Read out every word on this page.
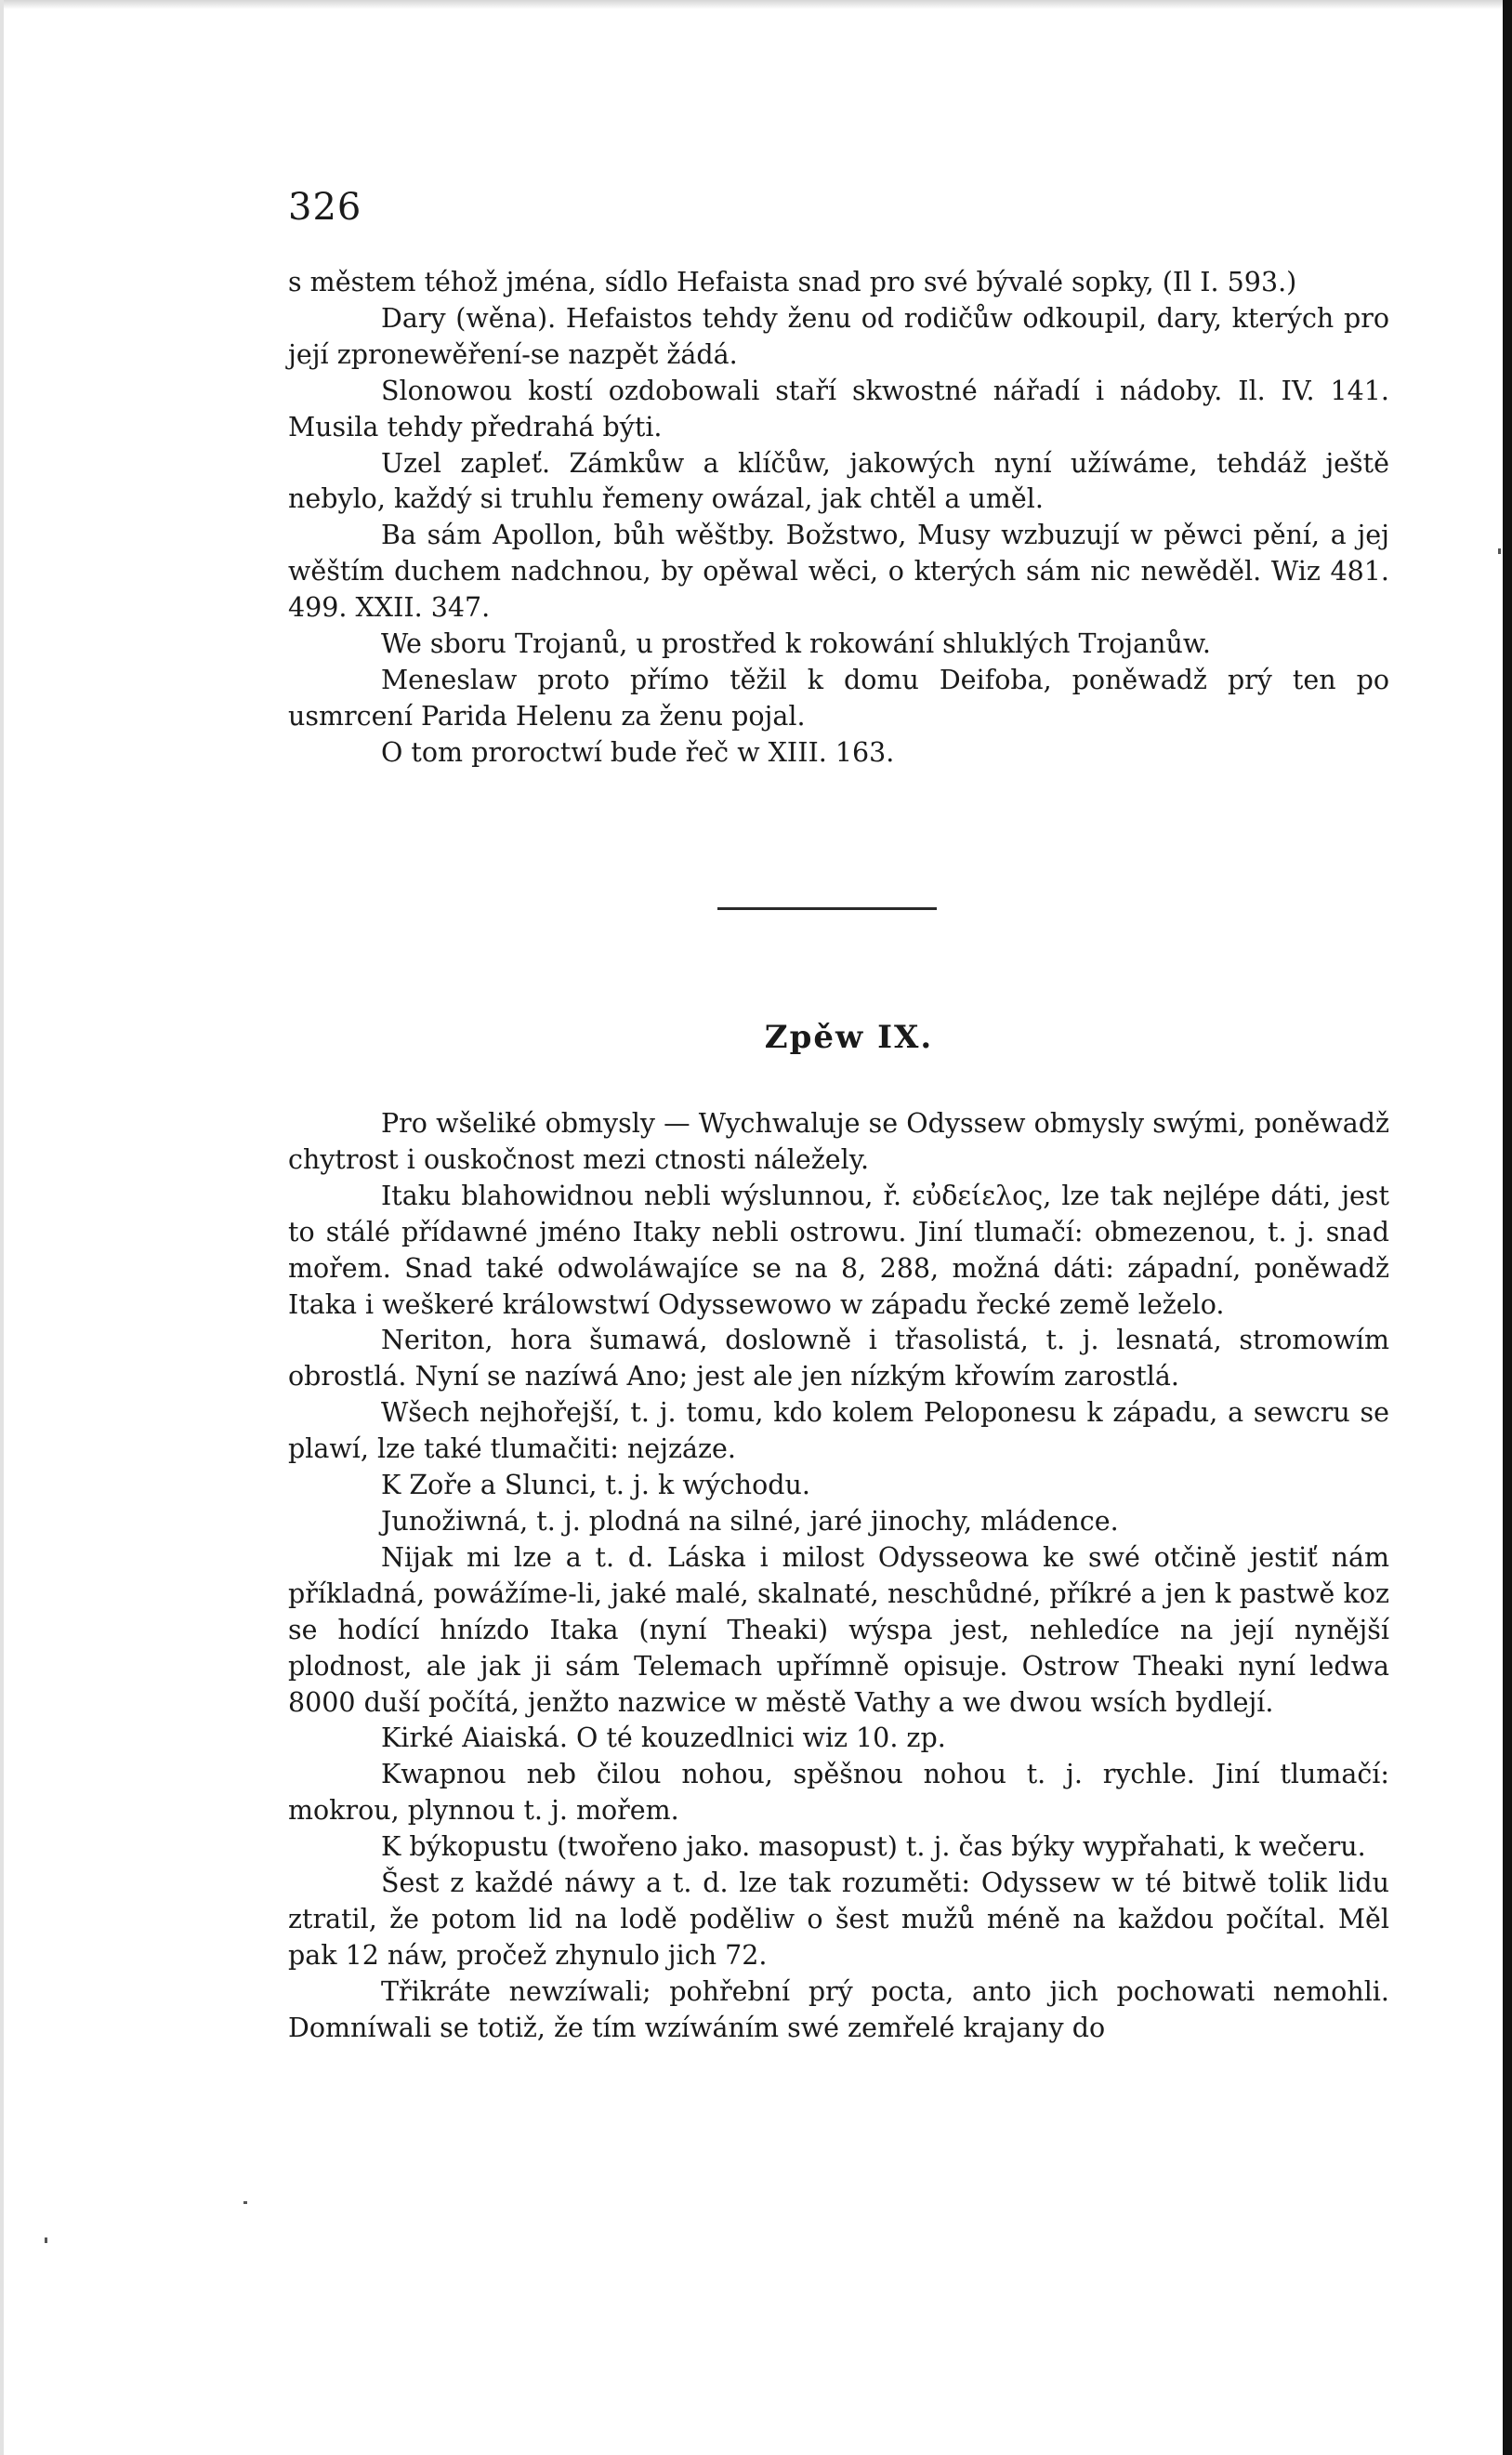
326

s městem téhož jména, sídlo Hefaista snad pro své bývalé sopky, (Il I. 593.)

Dary (wěna). Hefaistos tehdy ženu od rodičůw odkoupil, dary, kterých pro její zpronewěření-se nazpět žádá.

Slonowou kostí ozdobowali staří skwostné nářadí i nádoby. Il. IV. 141. Musila tehdy předrahá býti.

Uzel zapleť. Zámkůw a klíčůw, jakowých nyní užíwáme, tehdáž ještě nebylo, každý si truhlu řemeny owázal, jak chtěl a uměl.

Ba sám Apollon, bůh wěštby. Božstwo, Musy wzbuzují w pěwci pění, a jej wěštím duchem nadchnou, by opěwal wěci, o kterých sám nic newěděl. Wiz 481. 499. XXII. 347.

We sboru Trojanů, u prostřed k rokowání shluklých Trojanůw.

Meneslaw proto přímo těžil k domu Deifoba, poněwadž prý ten po usmrcení Parida Helenu za ženu pojal.

O tom proroctwí bude řeč w XIII. 163.

Zpěw IX.

Pro wšeliké obmysly — Wychwaluje se Odyssew obmysly swými, poněwadž chytrost i ouskočnost mezi ctnosti náležely.

Itaku blahowidnou nebli wýslunnou, ř. εὐδείελος, lze tak nejlépe dáti, jest to stálé přídawné jméno Itaky nebli ostrowu. Jiní tlumačí: obmezenou, t. j. snad mořem. Snad také odwoláwajíce se na 8, 288, možná dáti: západní, poněwadž Itaka i weškeré králowstwí Odyssewowo w západu řecké země leželo.

Neriton, hora šumawá, doslowně i třasolistá, t. j. lesnatá, stromowím obrostlá. Nyní se nazíwá Ano; jest ale jen nízkým křowím zarostlá.

Wšech nejhořejší, t. j. tomu, kdo kolem Peloponesu k západu, a sewcru se plawí, lze také tlumačiti: nejzáze.

K Zoře a Slunci, t. j. k wýchodu.

Junožiwná, t. j. plodná na silné, jaré jinochy, mládence.

Nijak mi lze a t. d. Láska i milost Odysseowa ke swé otčině jestiť nám příkladná, powážíme-li, jaké malé, skalnaté, neschůdné, příkré a jen k pastwě koz se hodící hnízdo Itaka (nyní Theaki) wýspa jest, nehledíce na její nynější plodnost, ale jak ji sám Telemach upřímně opisuje. Ostrow Theaki nyní ledwa 8000 duší počítá, jenžto nazwice w městě Vathy a we dwou wsích bydlejí.

Kirké Aiaiská. O té kouzedlnici wiz 10. zp.

Kwapnou neb čilou nohou, spěšnou nohou t. j. rychle. Jiní tlumačí: mokrou, plynnou t. j. mořem.

K býkopustu (twořeno jako. masopust) t. j. čas býky wypřahati, k wečeru.

Šest z každé náwy a t. d. lze tak rozuměti: Odyssew w té bitwě tolik lidu ztratil, že potom lid na lodě poděliw o šest mužů méně na každou počítal. Měl pak 12 náw, pročež zhynulo jich 72.

Třikráte newzíwali; pohřební prý pocta, anto jich pochowati nemohli. Domníwali se totiž, že tím wzíwáním swé zemřelé krajany do
